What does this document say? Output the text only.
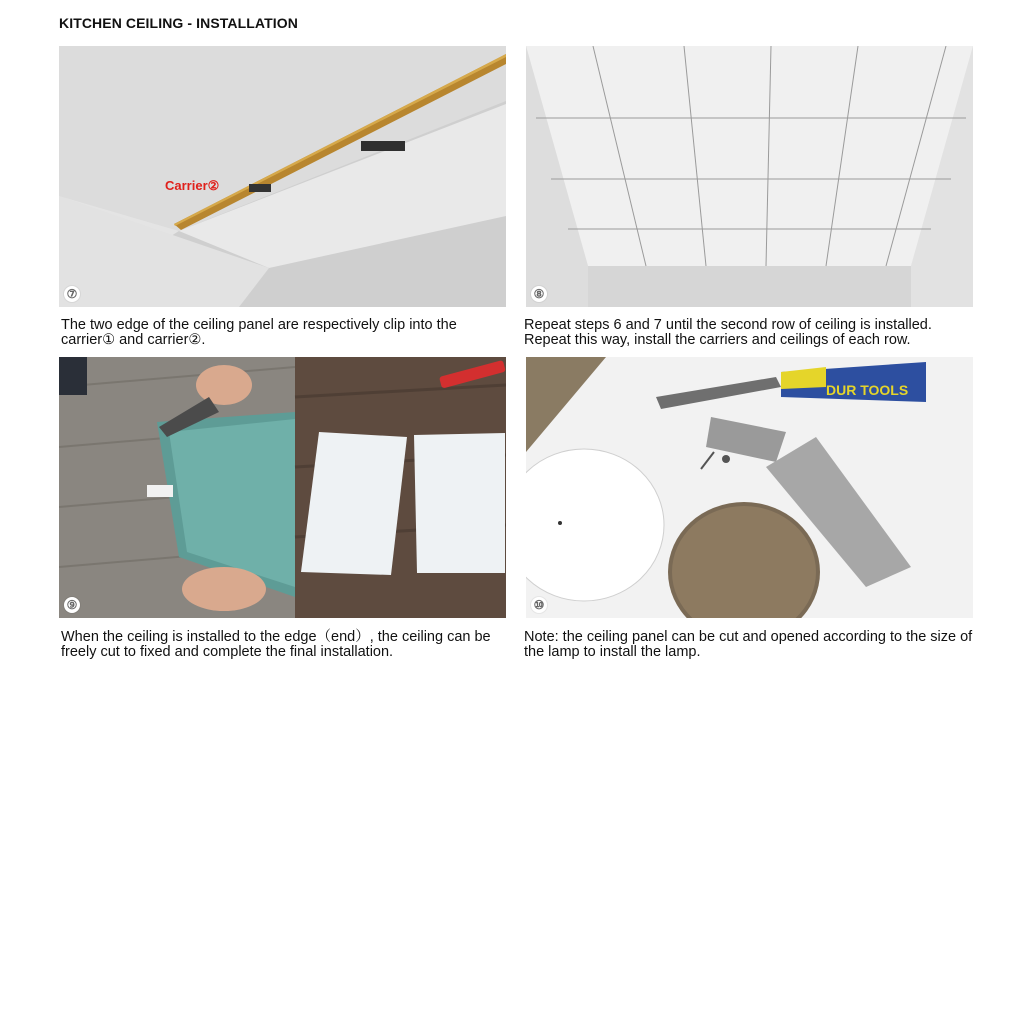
KITCHEN CEILING - INSTALLATION
Carrier②
⑦	⑧
⑨
DUR TOOLS
⑩
The two edge of the ceiling panel are respectively clip into the
carrier① and carrier②.
Repeat steps 6 and 7 until the second row of ceiling is installed.
Repeat this way, install the carriers and ceilings of each row.
When the ceiling is installed to the edge（end）, the ceiling can be
freely cut to fixed and complete the final installation.
Note: the ceiling panel can be cut and opened according to the size of
the lamp to install the lamp.
